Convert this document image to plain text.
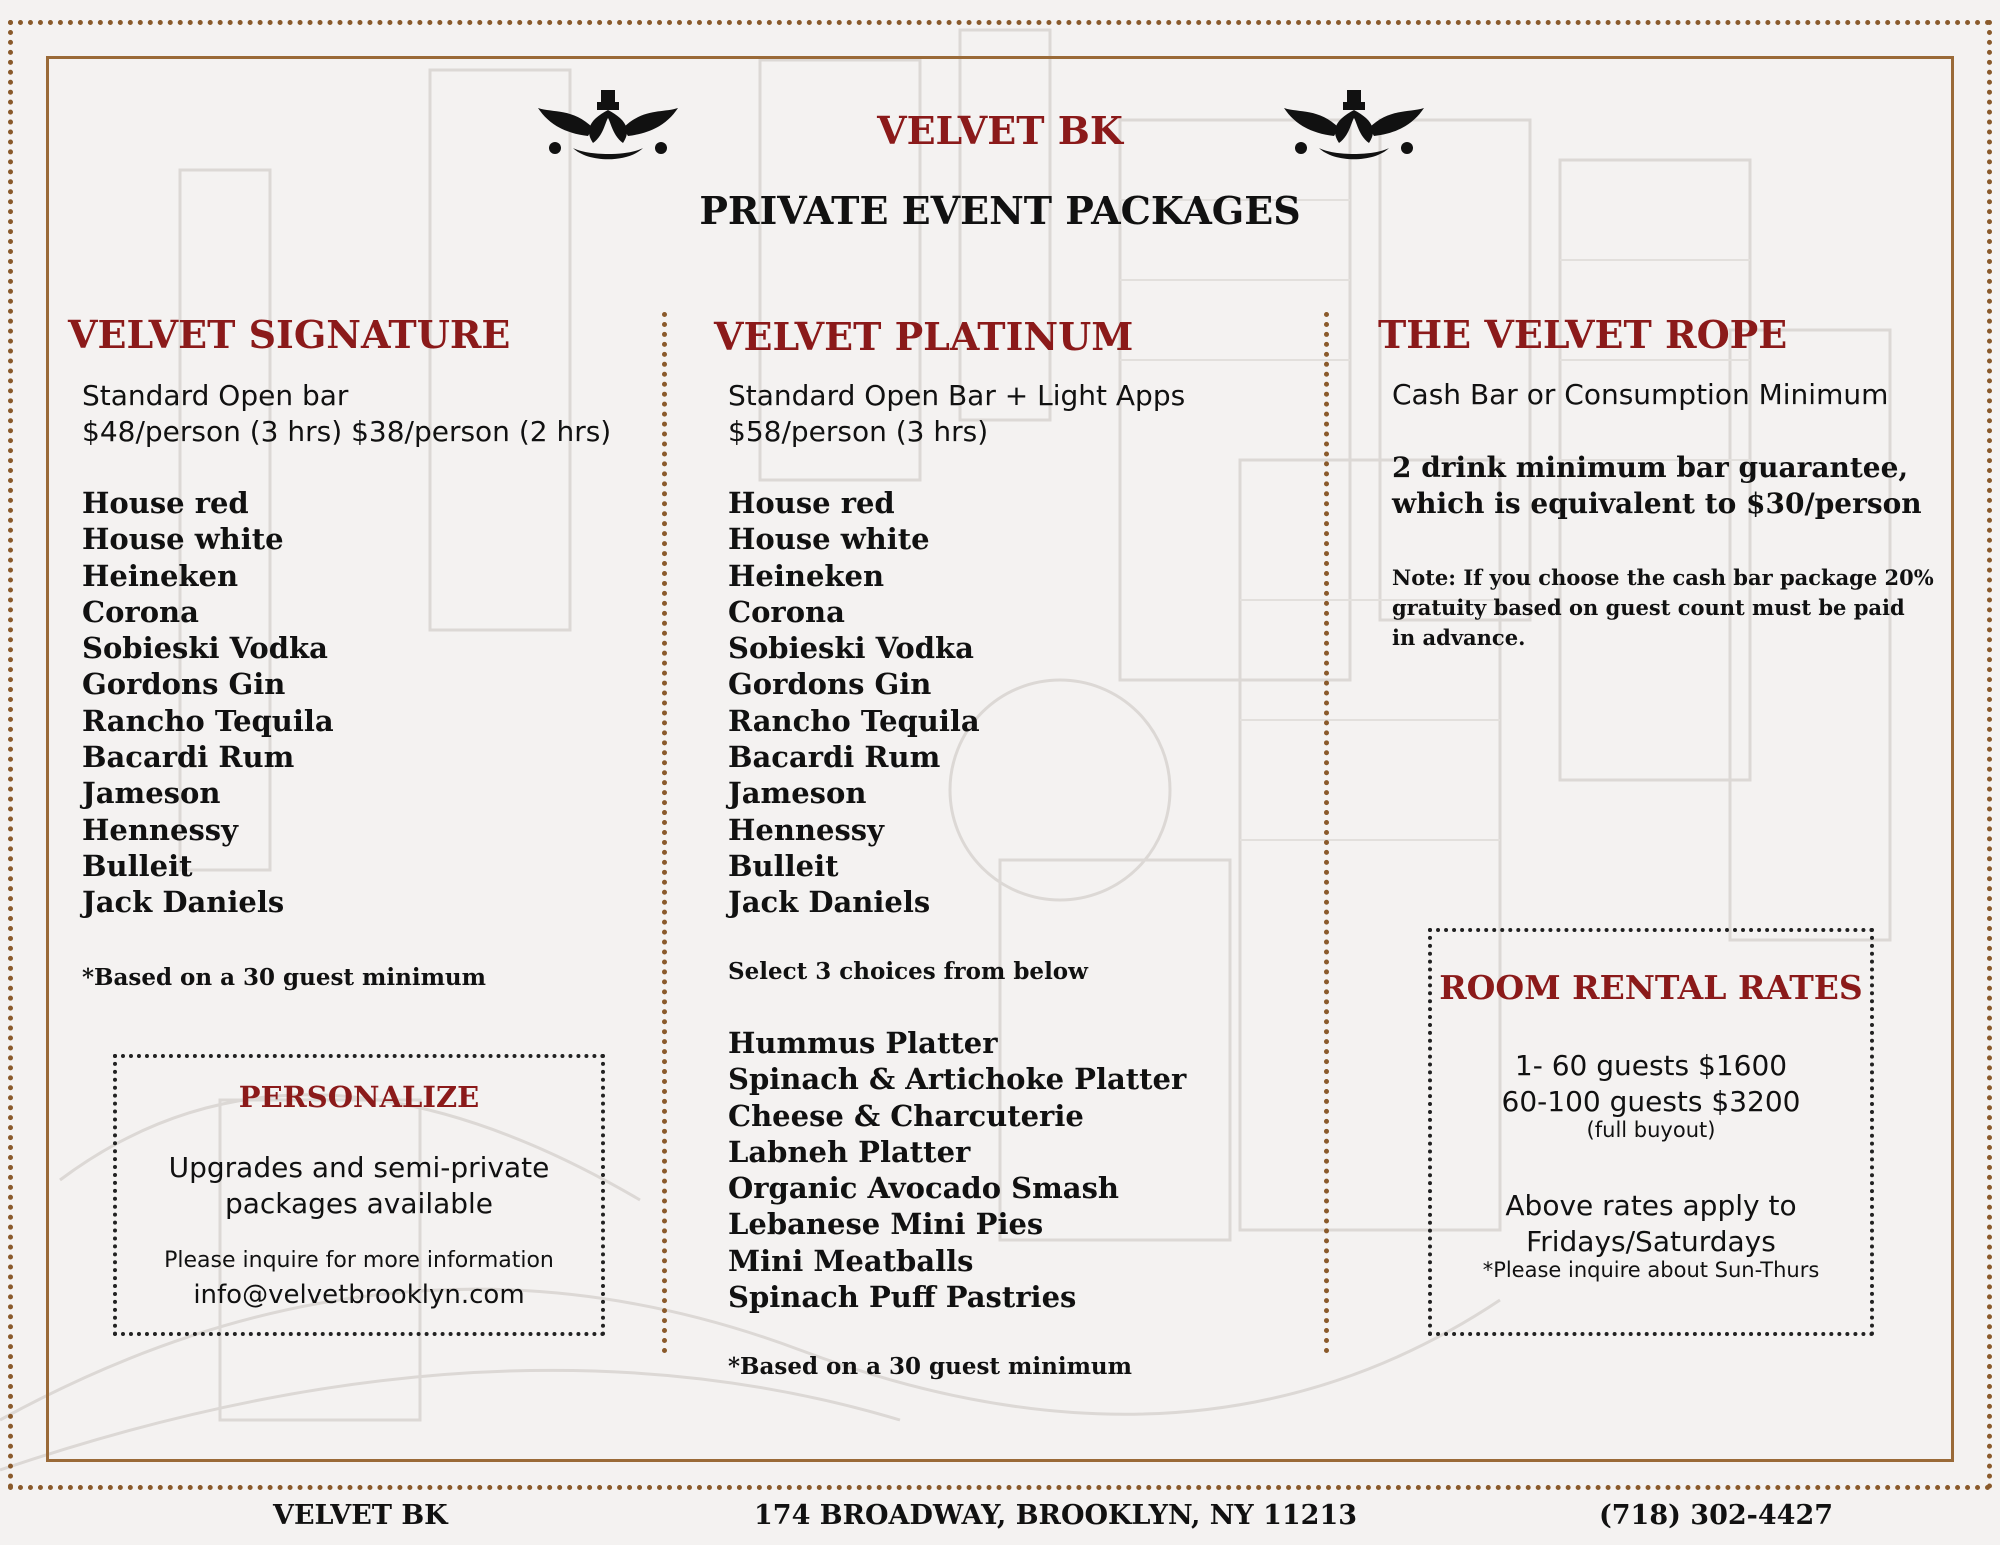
VELVET BK
PRIVATE EVENT PACKAGES
VELVET SIGNATURE
Standard Open bar
$48/person (3 hrs) $38/person (2 hrs)
House red
House white
Heineken
Corona
Sobieski Vodka
Gordons Gin
Rancho Tequila
Bacardi Rum
Jameson
Hennessy
Bulleit
Jack Daniels
*Based on a 30 guest minimum
PERSONALIZE
Upgrades and semi-private
packages available
Please inquire for more information
info@velvetbrooklyn.com
VELVET PLATINUM
Standard Open Bar + Light Apps
$58/person (3 hrs)
House red
House white
Heineken
Corona
Sobieski Vodka
Gordons Gin
Rancho Tequila
Bacardi Rum
Jameson
Hennessy
Bulleit
Jack Daniels
Select 3 choices from below
Hummus Platter
Spinach & Artichoke Platter
Cheese & Charcuterie
Labneh Platter
Organic Avocado Smash
Lebanese Mini Pies
Mini Meatballs
Spinach Puff Pastries
*Based on a 30 guest minimum
THE VELVET ROPE
Cash Bar or Consumption Minimum
2 drink minimum bar guarantee,
which is equivalent to $30/person
Note: If you choose the cash bar package 20%
gratuity based on guest count must be paid
in advance.
ROOM RENTAL RATES
1- 60 guests $1600
60-100 guests $3200
(full buyout)
Above rates apply to
Fridays/Saturdays
*Please inquire about Sun-Thurs
VELVET BK	174 BROADWAY, BROOKLYN, NY 11213	(718) 302-4427
